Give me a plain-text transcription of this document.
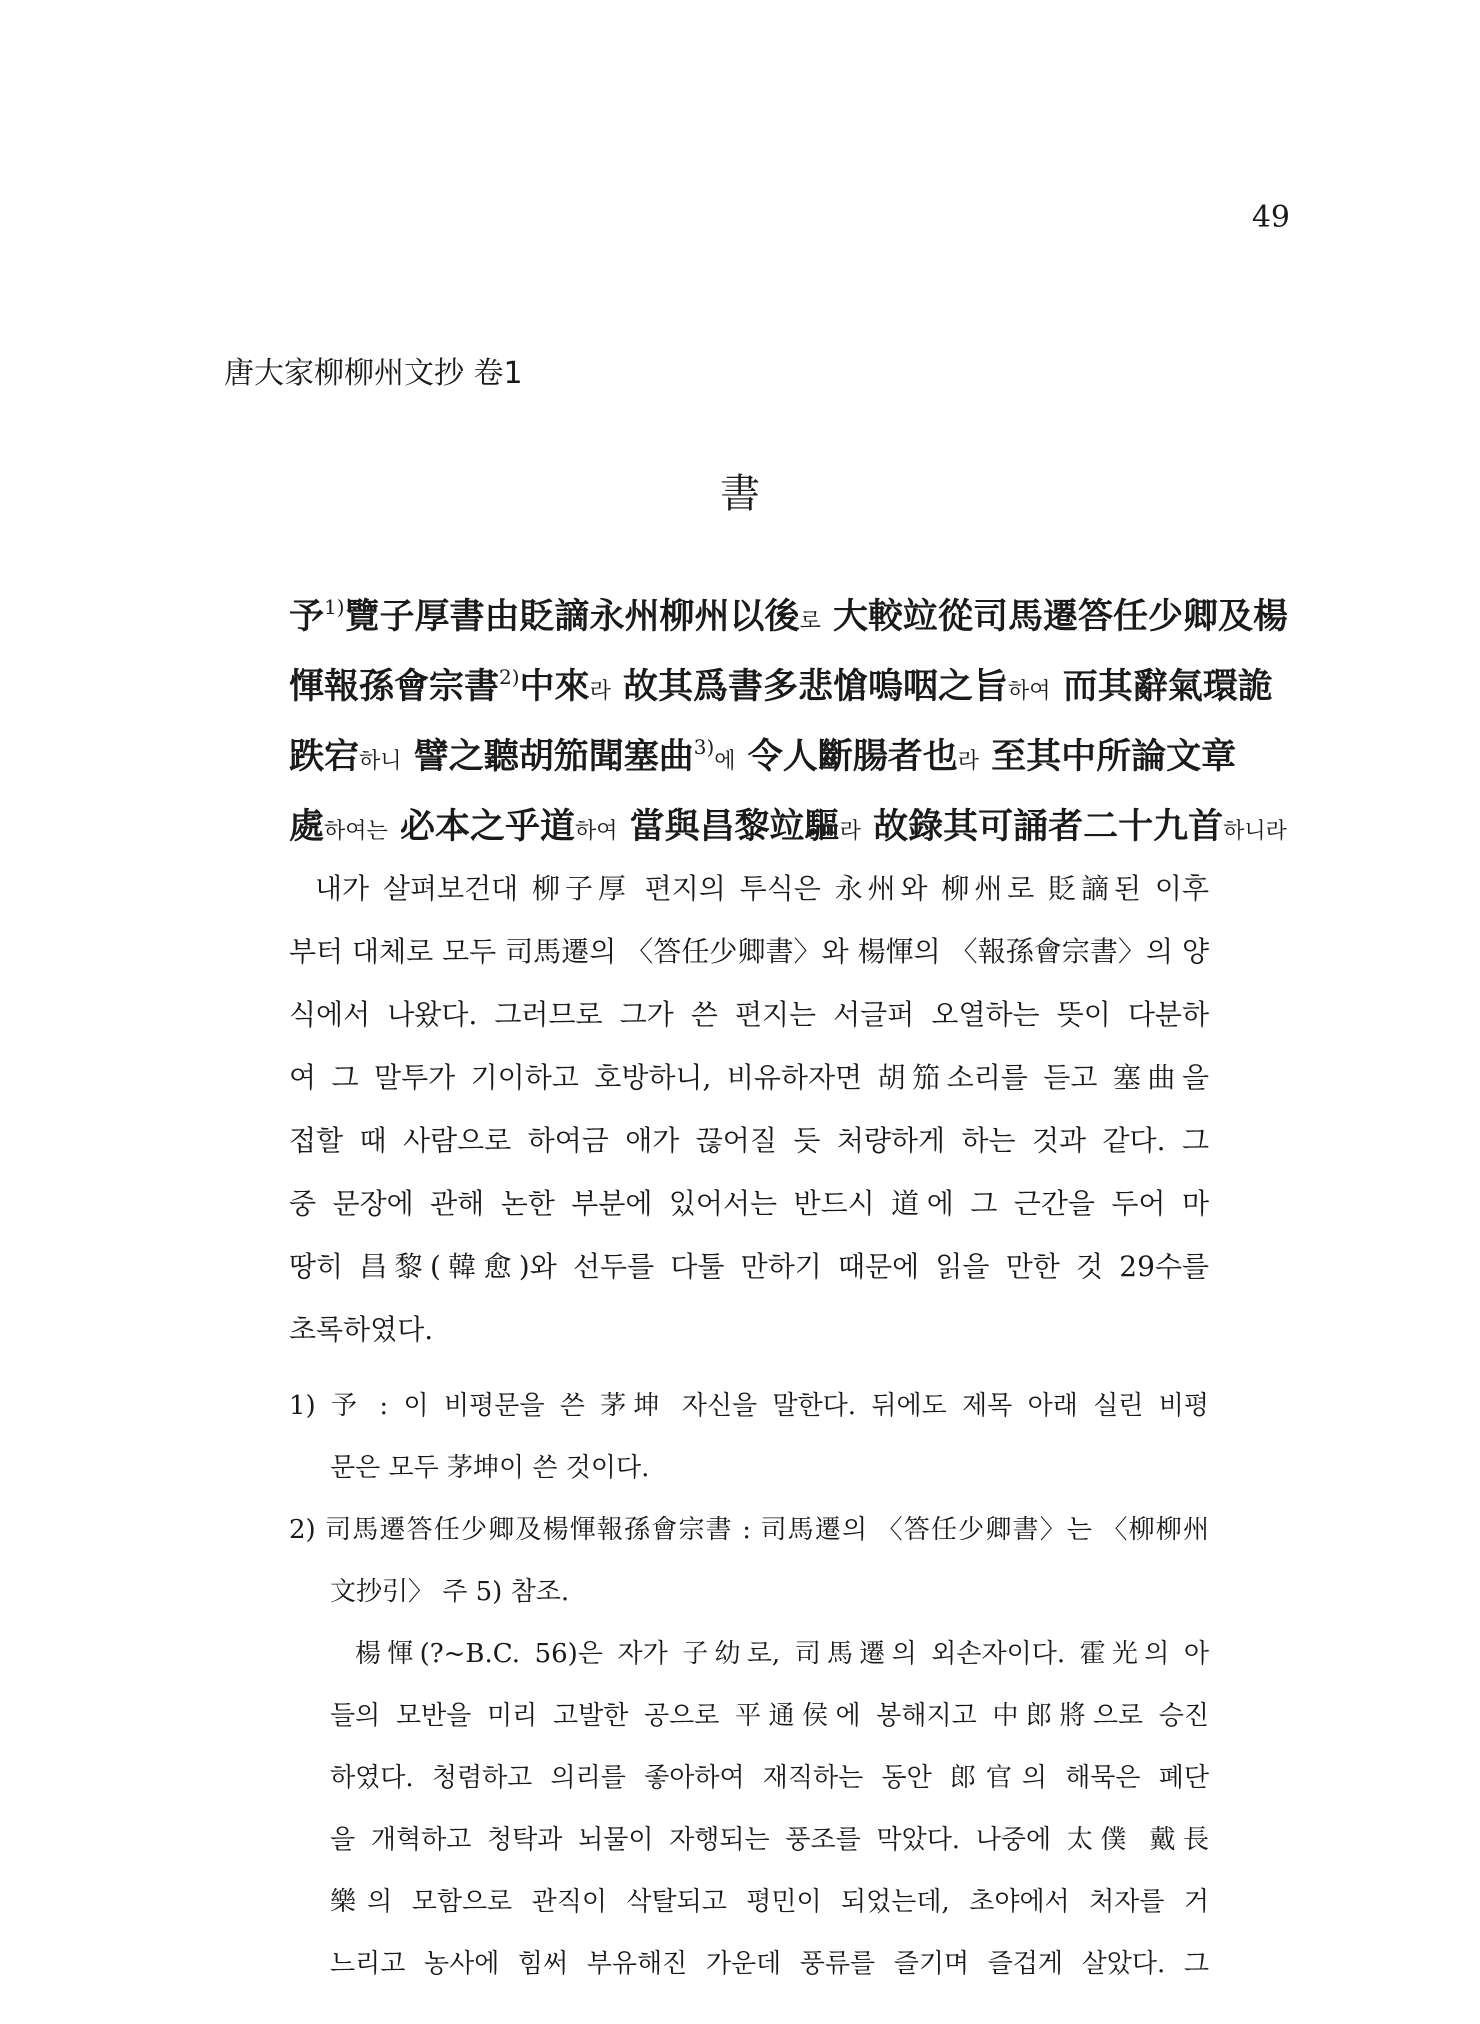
49
唐大家柳柳州文抄 卷1
書
予$^{1)}$覽子厚書由貶謫永州柳州以後로 大較竝從司馬遷答任少卿及楊
惲報孫會宗書$^{2)}$中來라 故其爲書多悲愴嗚咽之旨하여 而其辭氣環詭
跌宕하니 譬之聽胡笳聞塞曲$^{3)}$에 令人斷腸者也라 至其中所論文章
處하여는 必本之乎道하여 當與昌黎竝驅라 故錄其可誦者二十九首하니라
내가 살펴보건대 柳子厚 편지의 투식은 永州와 柳州로 貶謫된 이후
부터 대체로 모두 司馬遷의 〈答任少卿書〉와 楊惲의 〈報孫會宗書〉의 양
식에서 나왔다. 그러므로 그가 쓴 편지는 서글퍼 오열하는 뜻이 다분하
여 그 말투가 기이하고 호방하니, 비유하자면 胡笳소리를 듣고 塞曲을
접할 때 사람으로 하여금 애가 끊어질 듯 처량하게 하는 것과 같다. 그
중 문장에 관해 논한 부분에 있어서는 반드시 道에 그 근간을 두어 마
땅히 昌黎(韓愈)와 선두를 다툴 만하기 때문에 읽을 만한 것 29수를
초록하였다.
1) 予 : 이 비평문을 쓴 茅坤 자신을 말한다. 뒤에도 제목 아래 실린 비평
문은 모두 茅坤이 쓴 것이다.
2) 司馬遷答任少卿及楊惲報孫會宗書 : 司馬遷의 〈答任少卿書〉는 〈柳柳州
文抄引〉 주 5) 참조.
楊惲(?~B.C. 56)은 자가 子幼로, 司馬遷의 외손자이다. 霍光의 아
들의 모반을 미리 고발한 공으로 平通侯에 봉해지고 中郎將으로 승진
하였다. 청렴하고 의리를 좋아하여 재직하는 동안 郎官의 해묵은 폐단
을 개혁하고 청탁과 뇌물이 자행되는 풍조를 막았다. 나중에 太僕 戴長
樂의 모함으로 관직이 삭탈되고 평민이 되었는데, 초야에서 처자를 거
느리고 농사에 힘써 부유해진 가운데 풍류를 즐기며 즐겁게 살았다. 그
